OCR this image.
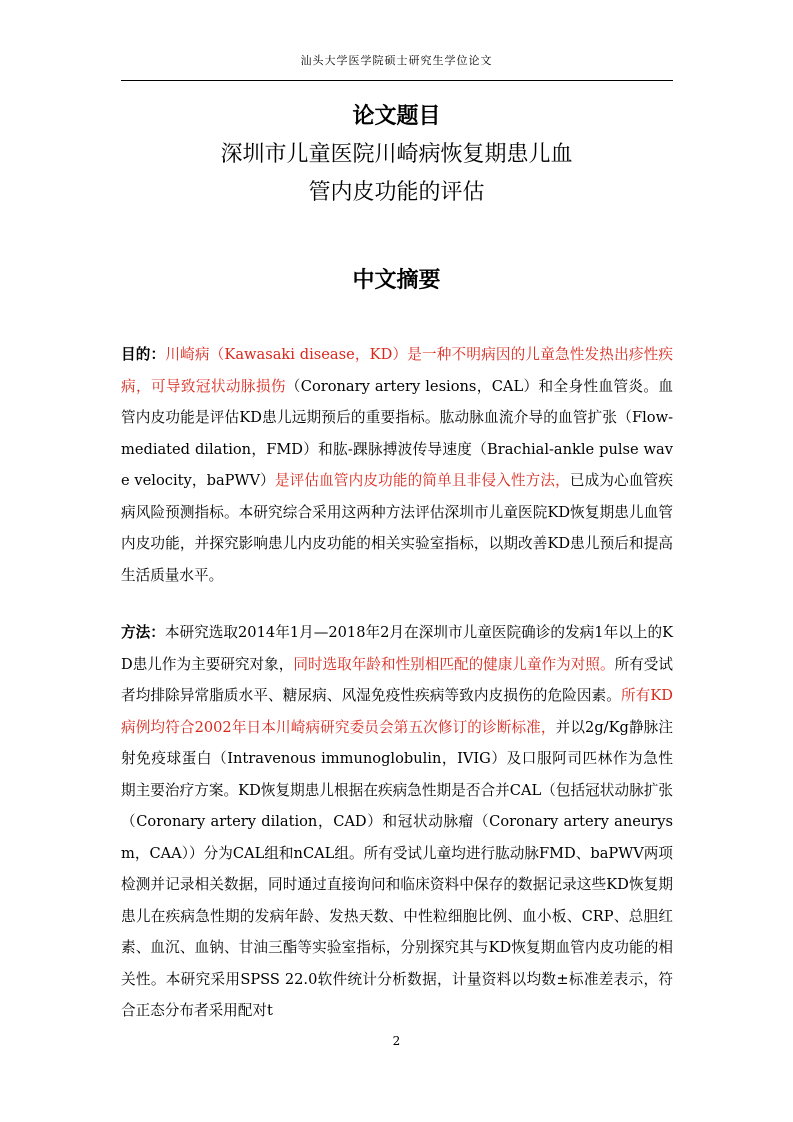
汕头大学医学院硕士研究生学位论文
论文题目
深圳市儿童医院川崎病恢复期患儿血
管内皮功能的评估
中文摘要
目的：川崎病（Kawasaki disease，KD）是一种不明病因的儿童急性发热出疹性疾病，可导致冠状动脉损伤（Coronary artery lesions，CAL）和全身性血管炎。血管内皮功能是评估KD患儿远期预后的重要指标。肱动脉血流介导的血管扩张（Flow-mediated dilation，FMD）和肱-踝脉搏波传导速度（Brachial-ankle pulse wave velocity，baPWV）是评估血管内皮功能的简单且非侵入性方法，已成为心血管疾病风险预测指标。本研究综合采用这两种方法评估深圳市儿童医院KD恢复期患儿血管内皮功能，并探究影响患儿内皮功能的相关实验室指标，以期改善KD患儿预后和提高生活质量水平。
方法：本研究选取2014年1月—2018年2月在深圳市儿童医院确诊的发病1年以上的KD患儿作为主要研究对象，同时选取年龄和性别相匹配的健康儿童作为对照。所有受试者均排除异常脂质水平、糖尿病、风湿免疫性疾病等致内皮损伤的危险因素。所有KD病例均符合2002年日本川崎病研究委员会第五次修订的诊断标准，并以2g/Kg静脉注射免疫球蛋白（Intravenous immunoglobulin，IVIG）及口服阿司匹林作为急性期主要治疗方案。KD恢复期患儿根据在疾病急性期是否合并CAL（包括冠状动脉扩张（Coronary artery dilation，CAD）和冠状动脉瘤（Coronary artery aneurysm，CAA））分为CAL组和nCAL组。所有受试儿童均进行肱动脉FMD、baPWV两项检测并记录相关数据，同时通过直接询问和临床资料中保存的数据记录这些KD恢复期患儿在疾病急性期的发病年龄、发热天数、中性粒细胞比例、血小板、CRP、总胆红素、血沉、血钠、甘油三酯等实验室指标，分别探究其与KD恢复期血管内皮功能的相关性。本研究采用SPSS 22.0软件统计分析数据，计量资料以均数±标准差表示，符合正态分布者采用配对t
2
